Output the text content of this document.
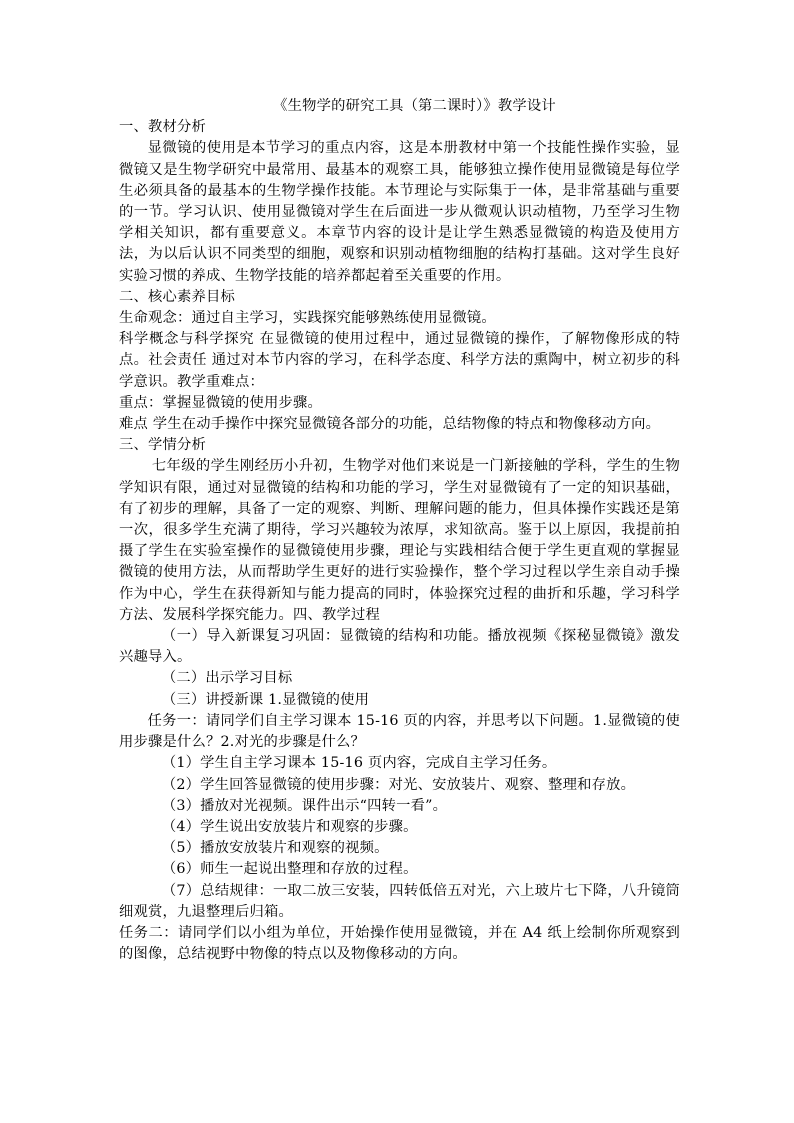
《生物学的研究工具（第二课时）》教学设计

一、教材分析

显微镜的使用是本节学习的重点内容，这是本册教材中第一个技能性操作实验，显微镜又是生物学研究中最常用、最基本的观察工具，能够独立操作使用显微镜是每位学生必须具备的最基本的生物学操作技能。本节理论与实际集于一体，是非常基础与重要的一节。学习认识、使用显微镜对学生在后面进一步从微观认识动植物，乃至学习生物学相关知识，都有重要意义。本章节内容的设计是让学生熟悉显微镜的构造及使用方法，为以后认识不同类型的细胞，观察和识别动植物细胞的结构打基础。这对学生良好实验习惯的养成、生物学技能的培养都起着至关重要的作用。

二、核心素养目标

生命观念：通过自主学习，实践探究能够熟练使用显微镜。

科学概念与科学探究 在显微镜的使用过程中，通过显微镜的操作，了解物像形成的特点。社会责任 通过对本节内容的学习，在科学态度、科学方法的熏陶中，树立初步的科学意识。教学重难点：

重点：掌握显微镜的使用步骤。

难点 学生在动手操作中探究显微镜各部分的功能，总结物像的特点和物像移动方向。

三、学情分析

七年级的学生刚经历小升初，生物学对他们来说是一门新接触的学科，学生的生物学知识有限，通过对显微镜的结构和功能的学习，学生对显微镜有了一定的知识基础，有了初步的理解，具备了一定的观察、判断、理解问题的能力，但具体操作实践还是第一次，很多学生充满了期待，学习兴趣较为浓厚，求知欲高。鉴于以上原因，我提前拍摄了学生在实验室操作的显微镜使用步骤，理论与实践相结合便于学生更直观的掌握显微镜的使用方法，从而帮助学生更好的进行实验操作，整个学习过程以学生亲自动手操作为中心，学生在获得新知与能力提高的同时，体验探究过程的曲折和乐趣，学习科学方法、发展科学探究能力。四、教学过程

（一）导入新课复习巩固：显微镜的结构和功能。播放视频《探秘显微镜》激发兴趣导入。

（二）出示学习目标

（三）讲授新课 1.显微镜的使用

任务一：请同学们自主学习课本 15-16 页的内容，并思考以下问题。1.显微镜的使用步骤是什么？2.对光的步骤是什么？

（1）学生自主学习课本 15-16 页内容，完成自主学习任务。

（2）学生回答显微镜的使用步骤：对光、安放装片、观察、整理和存放。

（3）播放对光视频。课件出示“四转一看”。

（4）学生说出安放装片和观察的步骤。

（5）播放安放装片和观察的视频。

（6）师生一起说出整理和存放的过程。

（7）总结规律：一取二放三安装，四转低倍五对光，六上玻片七下降，八升镜筒细观赏，九退整理后归箱。

任务二：请同学们以小组为单位，开始操作使用显微镜，并在 A4 纸上绘制你所观察到的图像，总结视野中物像的特点以及物像移动的方向。
